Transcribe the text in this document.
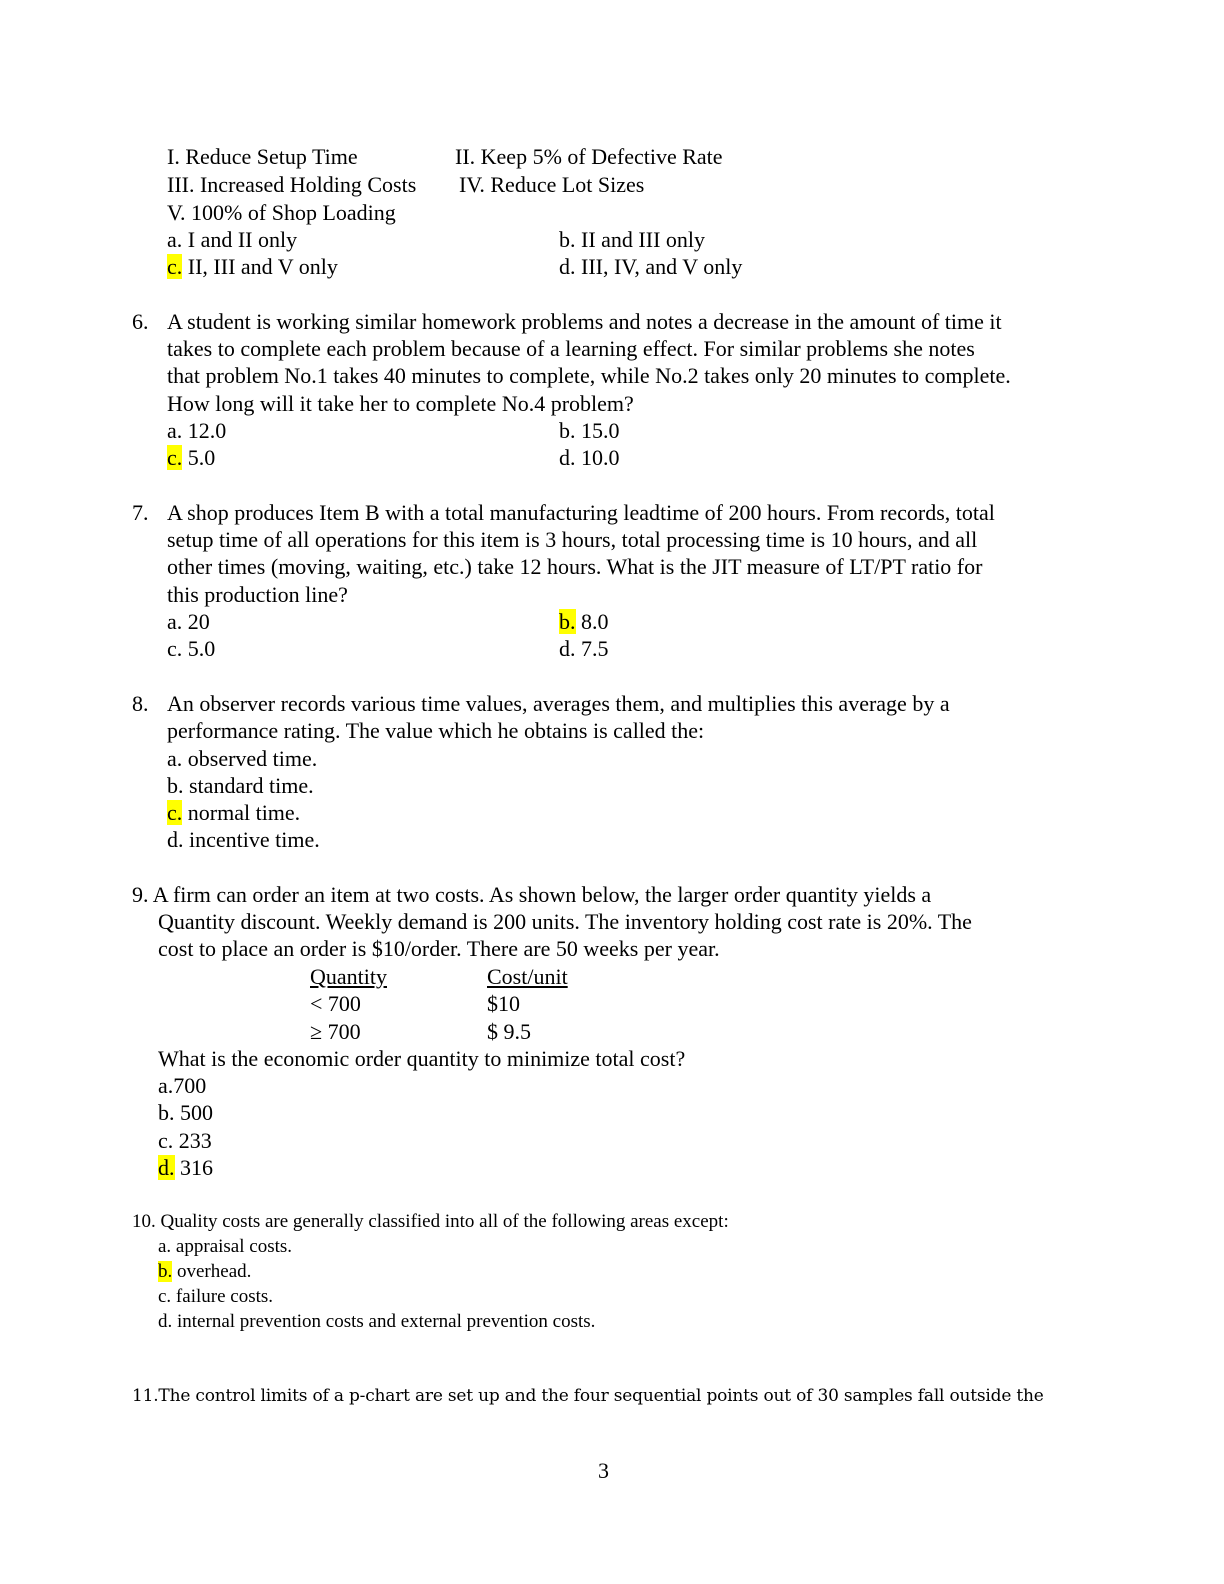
I. Reduce Setup Time	II. Keep 5% of Defective Rate
III. Increased Holding Costs IV. Reduce Lot Sizes
V. 100% of Shop Loading
a. I and II only	b. II and III only
c. II, III and V only	d. III, IV, and V only
6. A student is working similar homework problems and notes a decrease in the amount of time it
takes to complete each problem because of a learning effect. For similar problems she notes
that problem No.1 takes 40 minutes to complete, while No.2 takes only 20 minutes to complete.
How long will it take her to complete No.4 problem?
a. 12.0	b. 15.0
c. 5.0	d. 10.0
7. A shop produces Item B with a total manufacturing leadtime of 200 hours. From records, total
setup time of all operations for this item is 3 hours, total processing time is 10 hours, and all
other times (moving, waiting, etc.) take 12 hours. What is the JIT measure of LT/PT ratio for
this production line?
a. 20	b. 8.0
c. 5.0	d. 7.5
8. An observer records various time values, averages them, and multiplies this average by a
performance rating. The value which he obtains is called the:
a. observed time.
b. standard time.
c. normal time.
d. incentive time.
9. A firm can order an item at two costs. As shown below, the larger order quantity yields a
Quantity discount. Weekly demand is 200 units. The inventory holding cost rate is 20%. The
cost to place an order is $10/order. There are 50 weeks per year.
Quantity	Cost/unit
< 700	$10
≥ 700	$ 9.5
What is the economic order quantity to minimize total cost?
a.700
b. 500
c. 233
d. 316
10. Quality costs are generally classified into all of the following areas except:
a. appraisal costs.
b. overhead.
c. failure costs.
d. internal prevention costs and external prevention costs.
11.The control limits of a p-chart are set up and the four sequential points out of 30 samples fall outside the
3
